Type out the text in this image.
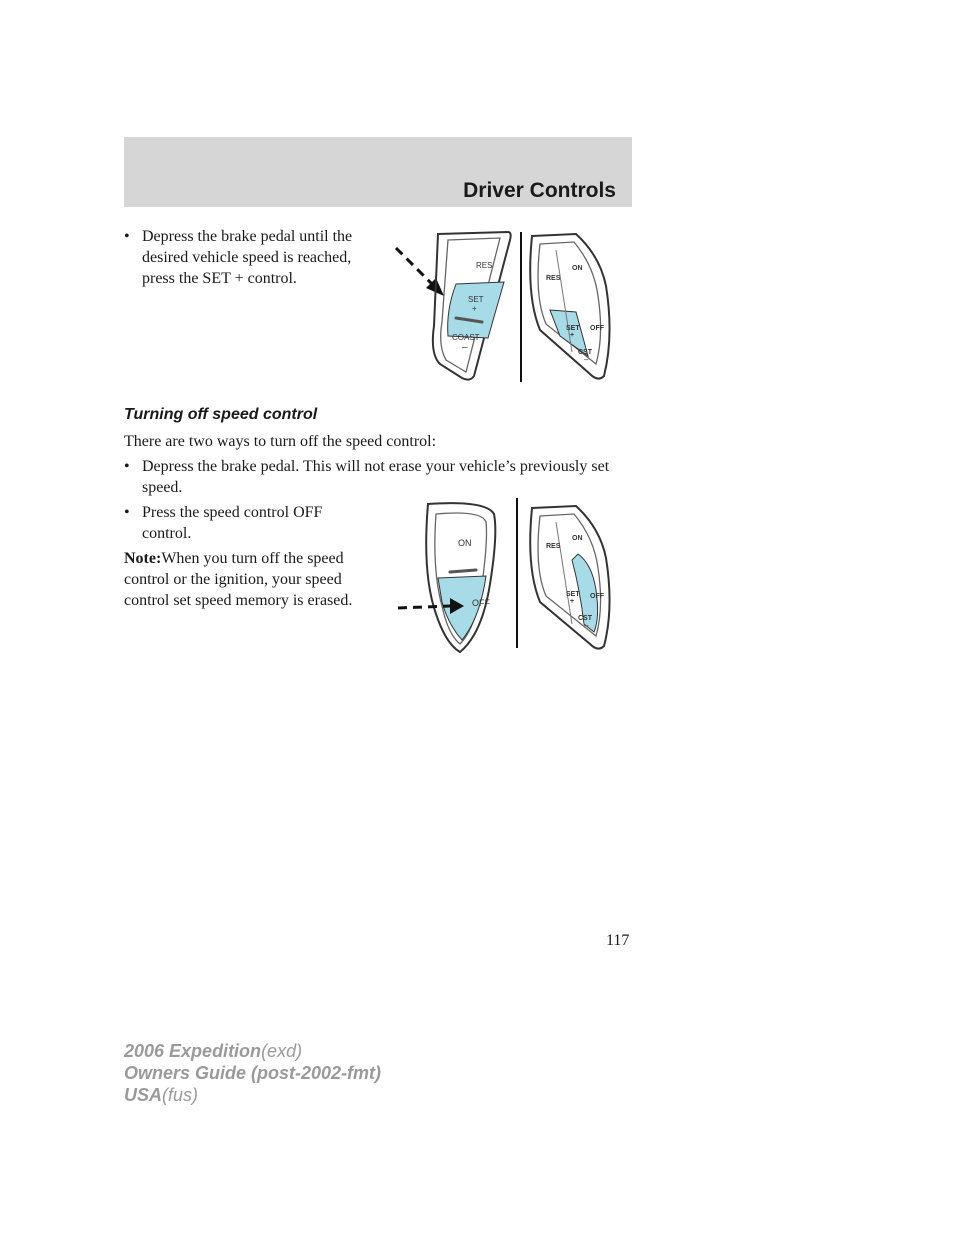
Driver Controls
• Depress the brake pedal until the desired vehicle speed is reached, press the SET + control.
RES
SET
+
COAST
–
RES
ON
SET
+
OFF
CST
–
Turning off speed control
There are two ways to turn off the speed control:
• Depress the brake pedal. This will not erase your vehicle’s previously set speed.
• Press the speed control OFF control.
Note:When you turn off the speed control or the ignition, your speed control set speed memory is erased.
ON
OFF
RES
ON
SET
+
OFF
CST
–
117
2006 Expedition(exd)
Owners Guide (post-2002-fmt)
USA(fus)
